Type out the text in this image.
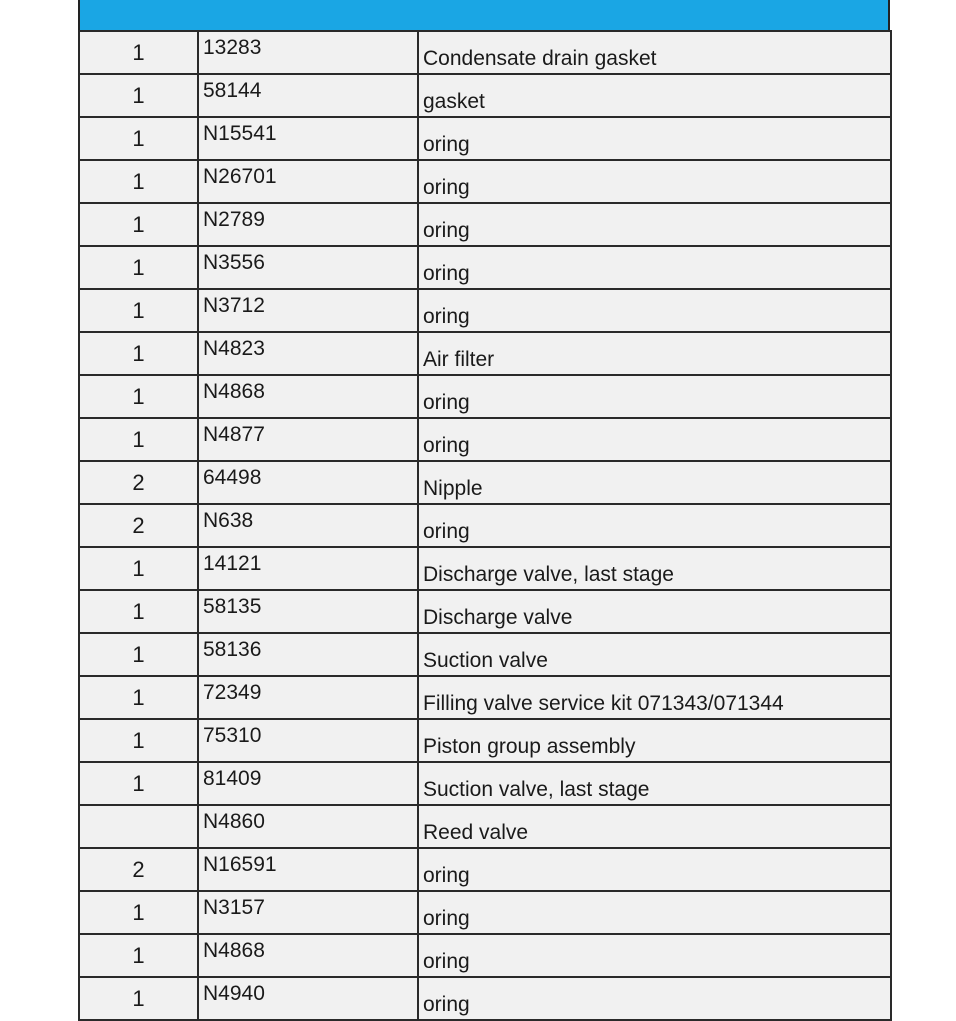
1	13283	Condensate drain gasket
1	58144	gasket
1	N15541	oring
1	N26701	oring
1	N2789	oring
1	N3556	oring
1	N3712	oring
1	N4823	Air filter
1	N4868	oring
1	N4877	oring
2	64498	Nipple
2	N638	oring
1	14121	Discharge valve, last stage
1	58135	Discharge valve
1	58136	Suction valve
1	72349	Filling valve service kit 071343/071344
1	75310	Piston group assembly
1	81409	Suction valve, last stage
	N4860	Reed valve
2	N16591	oring
1	N3157	oring
1	N4868	oring
1	N4940	oring
